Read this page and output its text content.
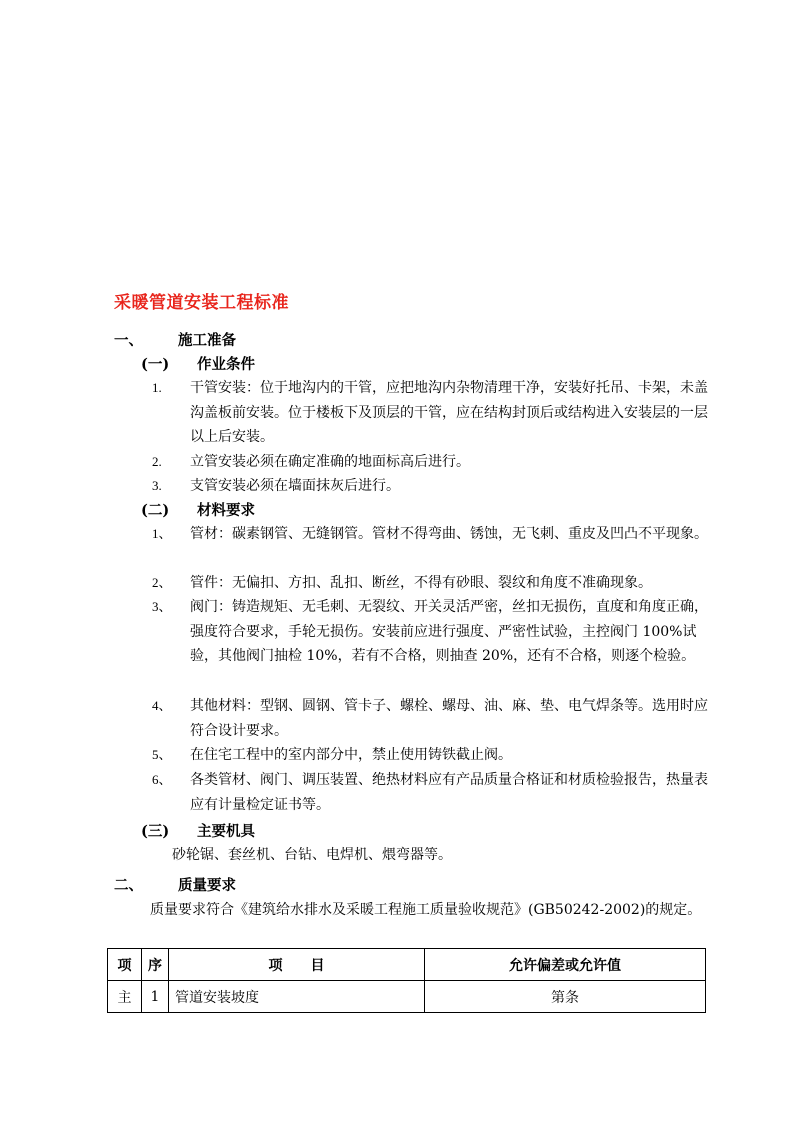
采暖管道安装工程标准
一、 施工准备
(一) 作业条件
1. 干管安装：位于地沟内的干管，应把地沟内杂物清理干净，安装好托吊、卡架，未盖沟盖板前安装。位于楼板下及顶层的干管，应在结构封顶后或结构进入安装层的一层以上后安装。
2. 立管安装必须在确定准确的地面标高后进行。
3. 支管安装必须在墙面抹灰后进行。
(二) 材料要求
1、 管材：碳素钢管、无缝钢管。管材不得弯曲、锈蚀，无飞刺、重皮及凹凸不平现象。
2、 管件：无偏扣、方扣、乱扣、断丝，不得有砂眼、裂纹和角度不准确现象。
3、 阀门：铸造规矩、无毛刺、无裂纹、开关灵活严密，丝扣无损伤，直度和角度正确，强度符合要求，手轮无损伤。安装前应进行强度、严密性试验，主控阀门 100%试验，其他阀门抽检 10%，若有不合格，则抽查 20%，还有不合格，则逐个检验。
4、 其他材料：型钢、圆钢、管卡子、螺栓、螺母、油、麻、垫、电气焊条等。选用时应符合设计要求。
5、 在住宅工程中的室内部分中，禁止使用铸铁截止阀。
6、 各类管材、阀门、调压装置、绝热材料应有产品质量合格证和材质检验报告，热量表应有计量检定证书等。
(三) 主要机具
砂轮锯、套丝机、台钻、电焊机、煨弯器等。
二、 质量要求
质量要求符合《建筑给水排水及采暖工程施工质量验收规范》(GB50242-2002)的规定。
项	序	项　　目	允许偏差或允许值
主	1	管道安装坡度	第条
